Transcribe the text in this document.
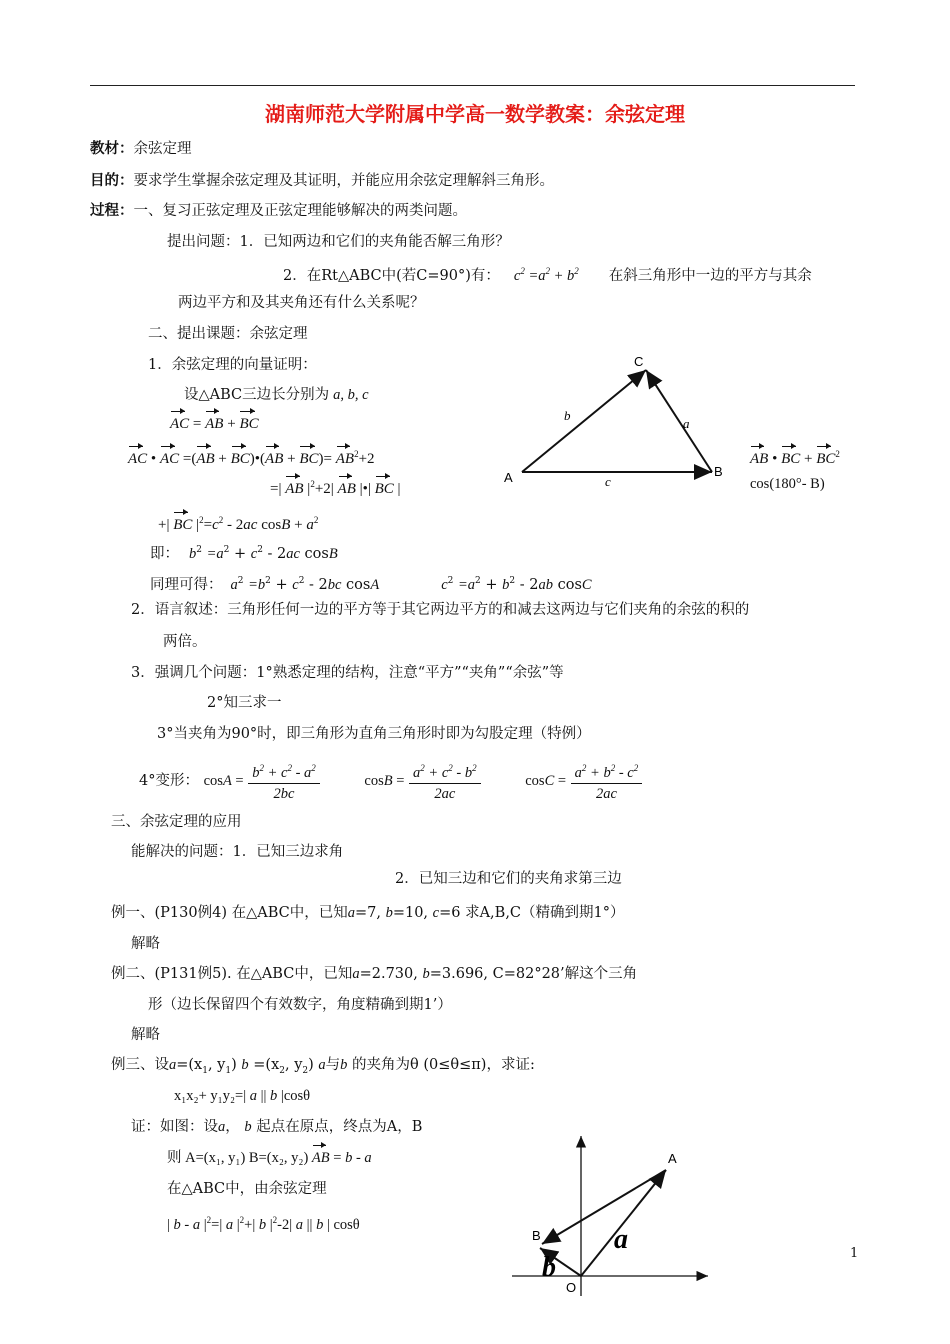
湖南师范大学附属中学高一数学教案：余弦定理
教材：余弦定理
目的：要求学生掌握余弦定理及其证明，并能应用余弦定理解斜三角形。
过程：一、复习正弦定理及正弦定理能够解决的两类问题。
提出问题：1．已知两边和它们的夹角能否解三角形？
2．在Rt△ABC中(若C=90°)有： $c^2 =a^2 + b^2$ 在斜三角形中一边的平方与其余
两边平方和及其夹角还有什么关系呢？
二、提出课题：余弦定理
1．余弦定理的向量证明：
设△ABC三边长分别为 a, b, c
AC = AB + BC
AC • AC =(AB + BC)•(AB + $BC)= AB^2+2$
=| AB $|^2+2|$ AB |•| BC |
+| BC $|^2=c^2 - 2ac$ $\cos B + a^2$
AB • BC + $BC^2$
cos(180°- B)
即： $b^2 =a^2 + c^2 - 2ac$ cosB
同理可得： $a^2 =b^2 + c^2 - 2bc$ cosA	$c^2 =a^2 + b^2 - 2ab$ cosC
2．语言叙述：三角形任何一边的平方等于其它两边平方的和减去这两边与它们夹角的余弦的积的
两倍。
3．强调几个问题：1°熟悉定理的结构，注意“平方”“夹角”“余弦”等
2°知三求一
3°当夹角为90°时，即三角形为直角三角形时即为勾股定理（特例）
4°变形： $\cos A = \frac{b^2 + c^2 - a^2}{2bc}$	$\cos B = \frac{a^2 + c^2 - b^2}{2ac}$	$\cos C = \frac{a^2 + b^2 - c^2}{2ac}$
三、余弦定理的应用
能解决的问题：1．已知三边求角
2．已知三边和它们的夹角求第三边
例一、(P130例4) 在△ABC中，已知a=7, b=10, c=6 求A,B,C（精确到期1°）
解略
例二、(P131例5). 在△ABC中，已知a=2.730, b=3.696, C=82°28’解这个三角
形（边长保留四个有效数字，角度精确到期1’）
解略
例三、设$a=(x_1$, $y_1$) $b =(x_2$, $y_2$) a与b 的夹角为θ (0≤θ≤π)，求证:
x₁x₂+ y₁y₂=| a || b |cosθ
证：如图：设a， b 起点在原点，终点为A，B
则 A=(x₁, y₁) B=(x₂, y₂) AB = b - a
在△ABC中，由余弦定理
| b - a $|^2=|$ a $|^2+|$ b $|^2-2|$ a || b | cosθ
A	B
C
a
b
c
A
B
O
a
b	1
